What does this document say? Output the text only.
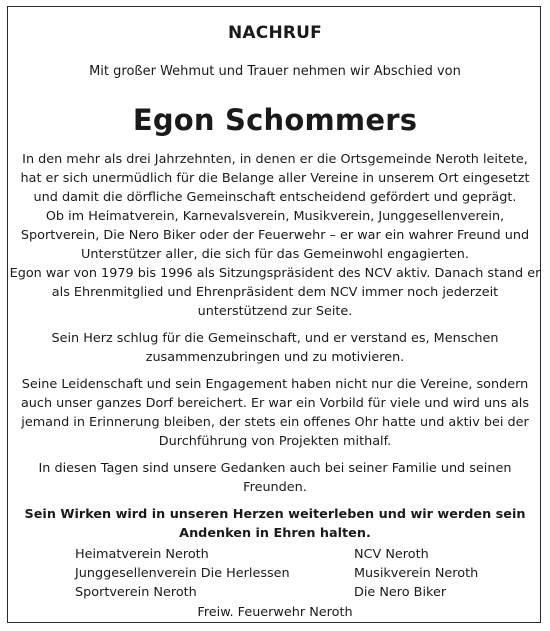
NACHRUF
Mit großer Wehmut und Trauer nehmen wir Abschied von
Egon Schommers

In den mehr als drei Jahrzehnten, in denen er die Ortsgemeinde Neroth leitete,
hat er sich unermüdlich für die Belange aller Vereine in unserem Ort eingesetzt
und damit die dörfliche Gemeinschaft entscheidend gefördert und geprägt.
Ob im Heimatverein, Karnevalsverein, Musikverein, Junggesellenverein,
Sportverein, Die Nero Biker oder der Feuerwehr – er war ein wahrer Freund und
Unterstützer aller, die sich für das Gemeinwohl engagierten.
Egon war von 1979 bis 1996 als Sitzungspräsident des NCV aktiv. Danach stand er
als Ehrenmitglied und Ehrenpräsident dem NCV immer noch jederzeit
unterstützend zur Seite.

Sein Herz schlug für die Gemeinschaft, und er verstand es, Menschen
zusammenzubringen und zu motivieren.

Seine Leidenschaft und sein Engagement haben nicht nur die Vereine, sondern
auch unser ganzes Dorf bereichert. Er war ein Vorbild für viele und wird uns als
jemand in Erinnerung bleiben, der stets ein offenes Ohr hatte und aktiv bei der
Durchführung von Projekten mithalf.

In diesen Tagen sind unsere Gedanken auch bei seiner Familie und seinen
Freunden.

Sein Wirken wird in unseren Herzen weiterleben und wir werden sein
Andenken in Ehren halten.
Heimatverein Neroth
Junggesellenverein Die Herlessen
Sportverein Neroth
NCV Neroth
Musikverein Neroth
Die Nero Biker
Freiw. Feuerwehr Neroth
